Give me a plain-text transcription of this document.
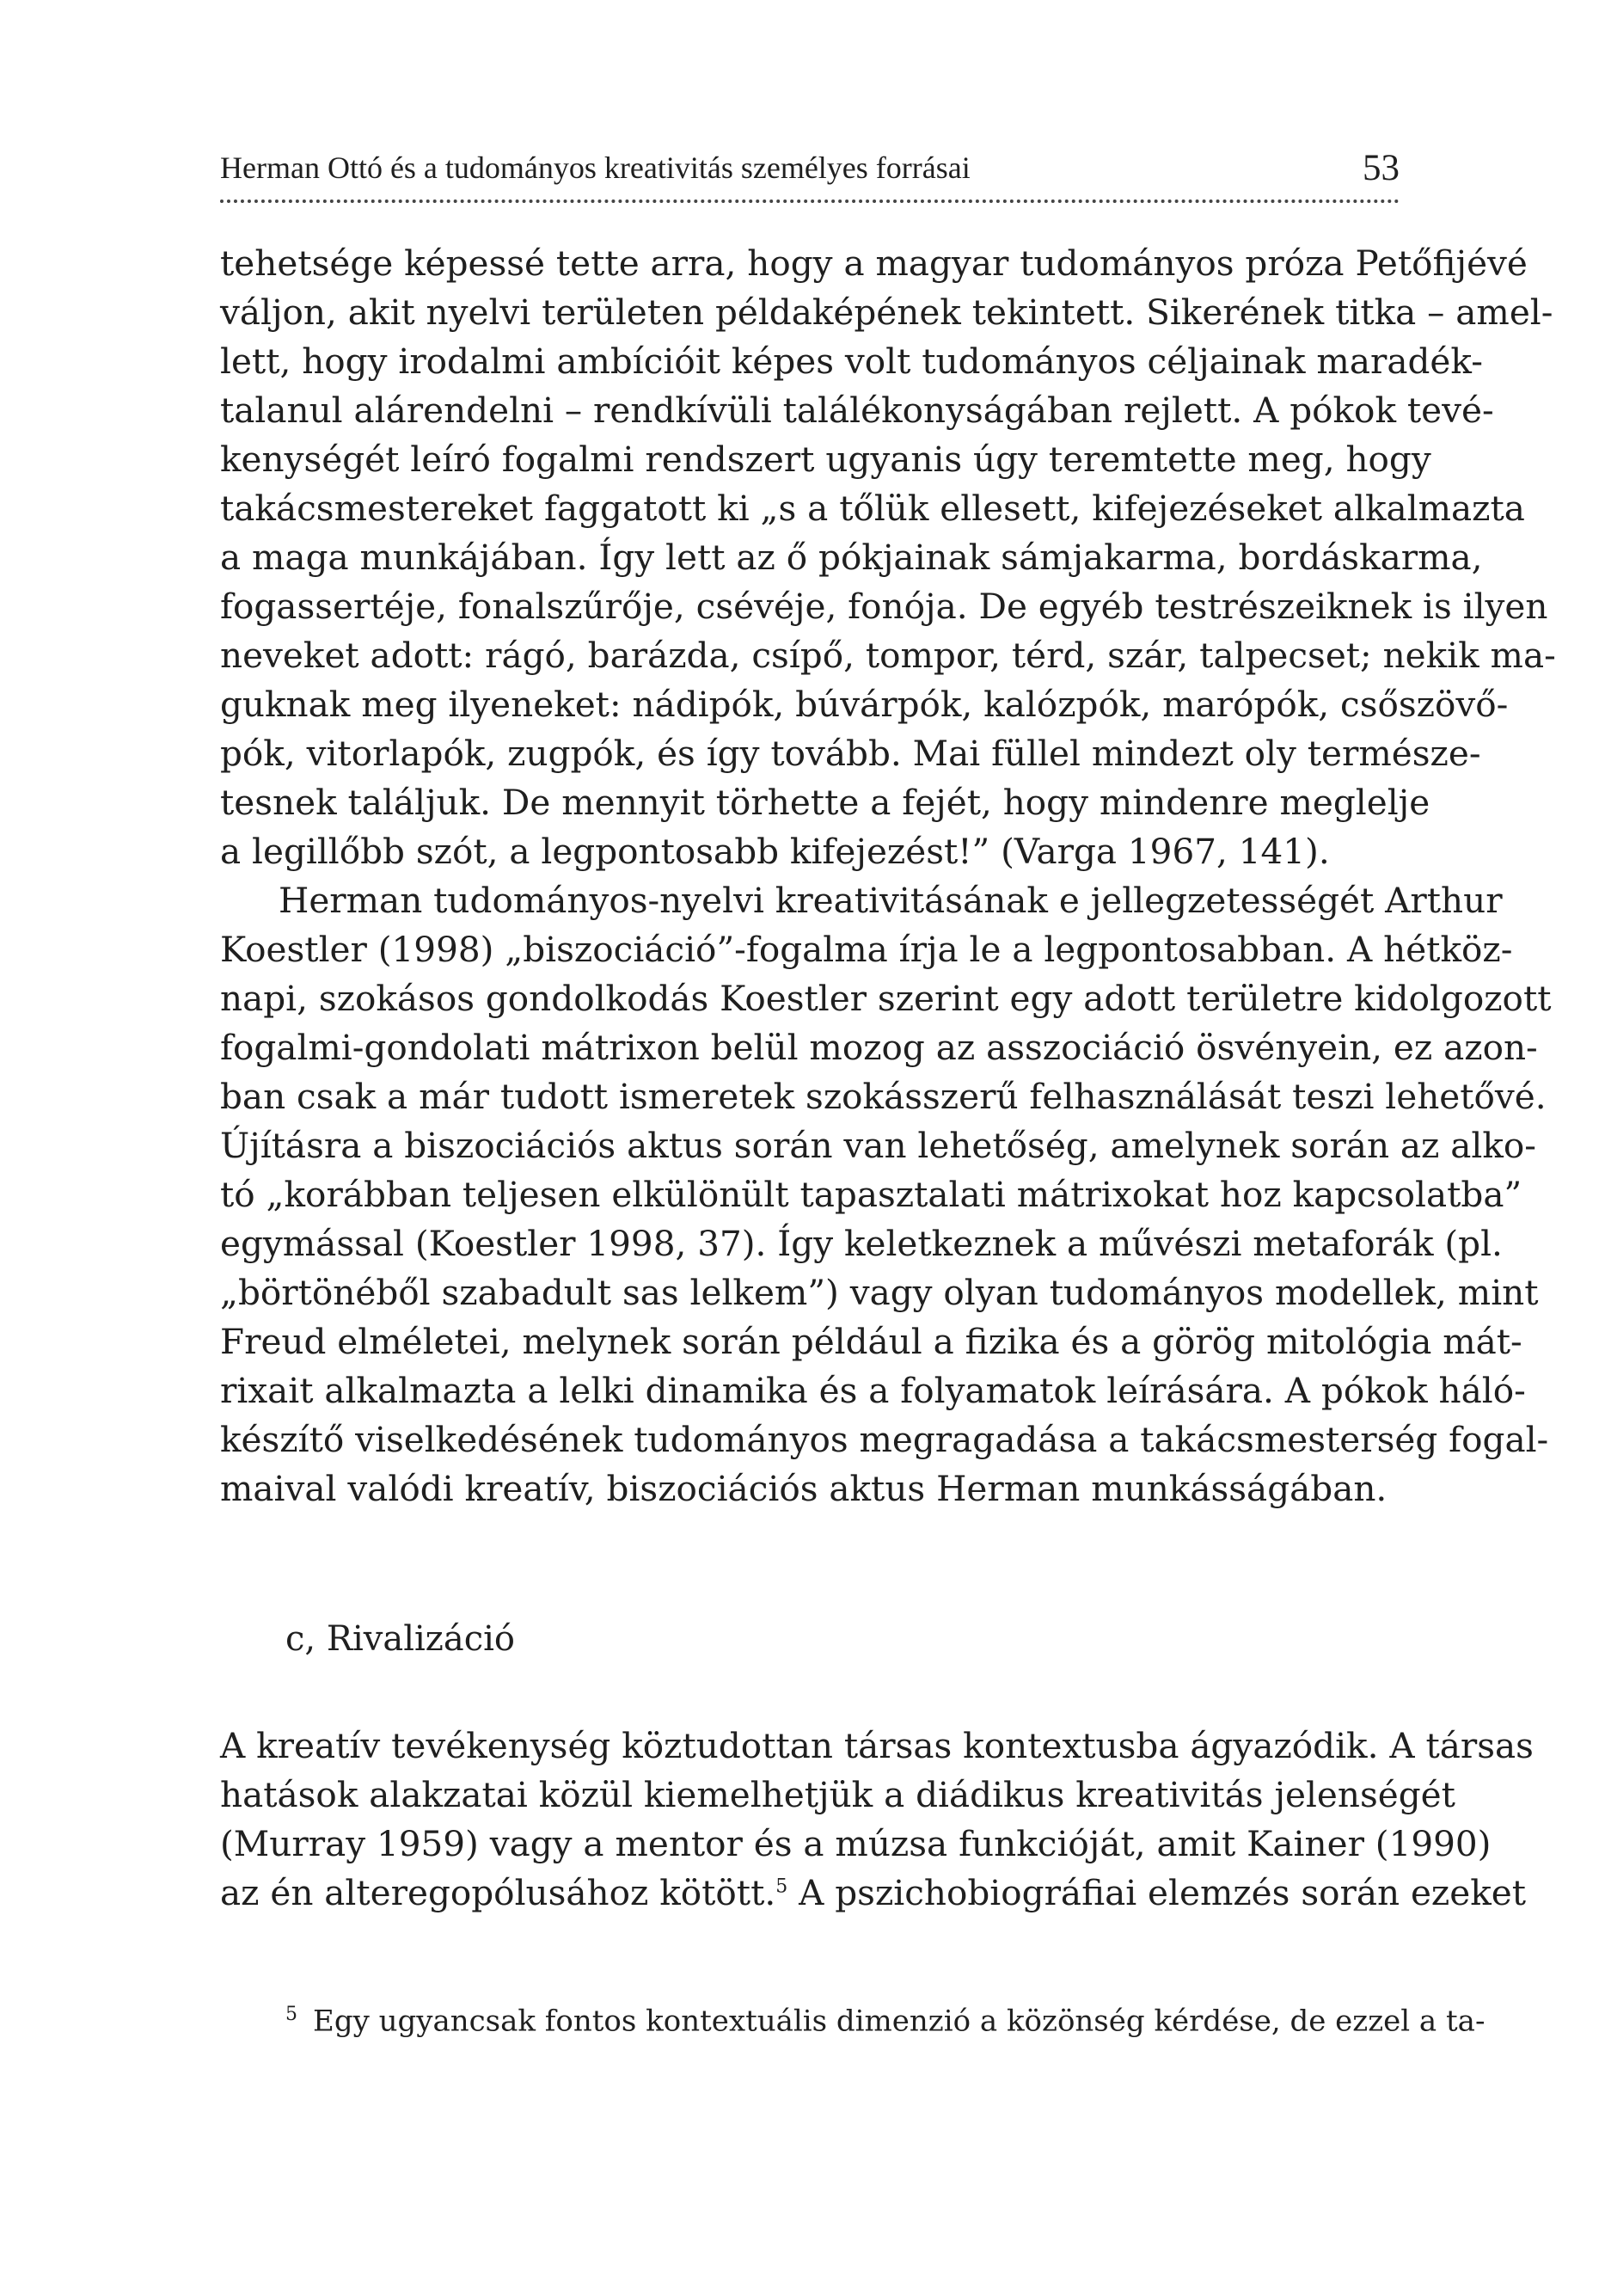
Herman Ottó és a tudományos kreativitás személyes forrásai	53

tehetsége képessé tette arra, hogy a magyar tudományos próza Petőfijévé
váljon, akit nyelvi területen példaképének tekintett. Sikerének titka – amel-
lett, hogy irodalmi ambícióit képes volt tudományos céljainak maradék-
talanul alárendelni – rendkívüli találékonyságában rejlett. A pókok tevé-
kenységét leíró fogalmi rendszert ugyanis úgy teremtette meg, hogy
takácsmestereket faggatott ki „s a tőlük ellesett, kifejezéseket alkalmazta
a maga munkájában. Így lett az ő pókjainak sámjakarma, bordáskarma,
fogassertéje, fonalszűrője, csévéje, fonója. De egyéb testrészeiknek is ilyen
neveket adott: rágó, barázda, csípő, tompor, térd, szár, talpecset; nekik ma-
guknak meg ilyeneket: nádipók, búvárpók, kalózpók, marópók, csőszövő-
pók, vitorlapók, zugpók, és így tovább. Mai füllel mindezt oly természe-
tesnek találjuk. De mennyit törhette a fejét, hogy mindenre meglelje
a legillőbb szót, a legpontosabb kifejezést!” (Varga 1967, 141).

Herman tudományos-nyelvi kreativitásának e jellegzetességét Arthur
Koestler (1998) „biszociáció”-fogalma írja le a legpontosabban. A hétköz-
napi, szokásos gondolkodás Koestler szerint egy adott területre kidolgozott
fogalmi-gondolati mátrixon belül mozog az asszociáció ösvényein, ez azon-
ban csak a már tudott ismeretek szokásszerű felhasználását teszi lehetővé.
Újításra a biszociációs aktus során van lehetőség, amelynek során az alko-
tó „korábban teljesen elkülönült tapasztalati mátrixokat hoz kapcsolatba”
egymással (Koestler 1998, 37). Így keletkeznek a művészi metaforák (pl.
„börtönéből szabadult sas lelkem”) vagy olyan tudományos modellek, mint
Freud elméletei, melynek során például a fizika és a görög mitológia mát-
rixait alkalmazta a lelki dinamika és a folyamatok leírására. A pókok háló-
készítő viselkedésének tudományos megragadása a takácsmesterség fogal-
maival valódi kreatív, biszociációs aktus Herman munkásságában.

c, Rivalizáció

A kreatív tevékenység köztudottan társas kontextusba ágyazódik. A társas
hatások alakzatai közül kiemelhetjük a diádikus kreativitás jelenségét
(Murray 1959) vagy a mentor és a múzsa funkcióját, amit Kainer (1990)
az én alteregopólusához kötött.$^5$ A pszichobiográfiai elemzés során ezeket

$^5$ Egy ugyancsak fontos kontextuális dimenzió a közönség kérdése, de ezzel a ta-
